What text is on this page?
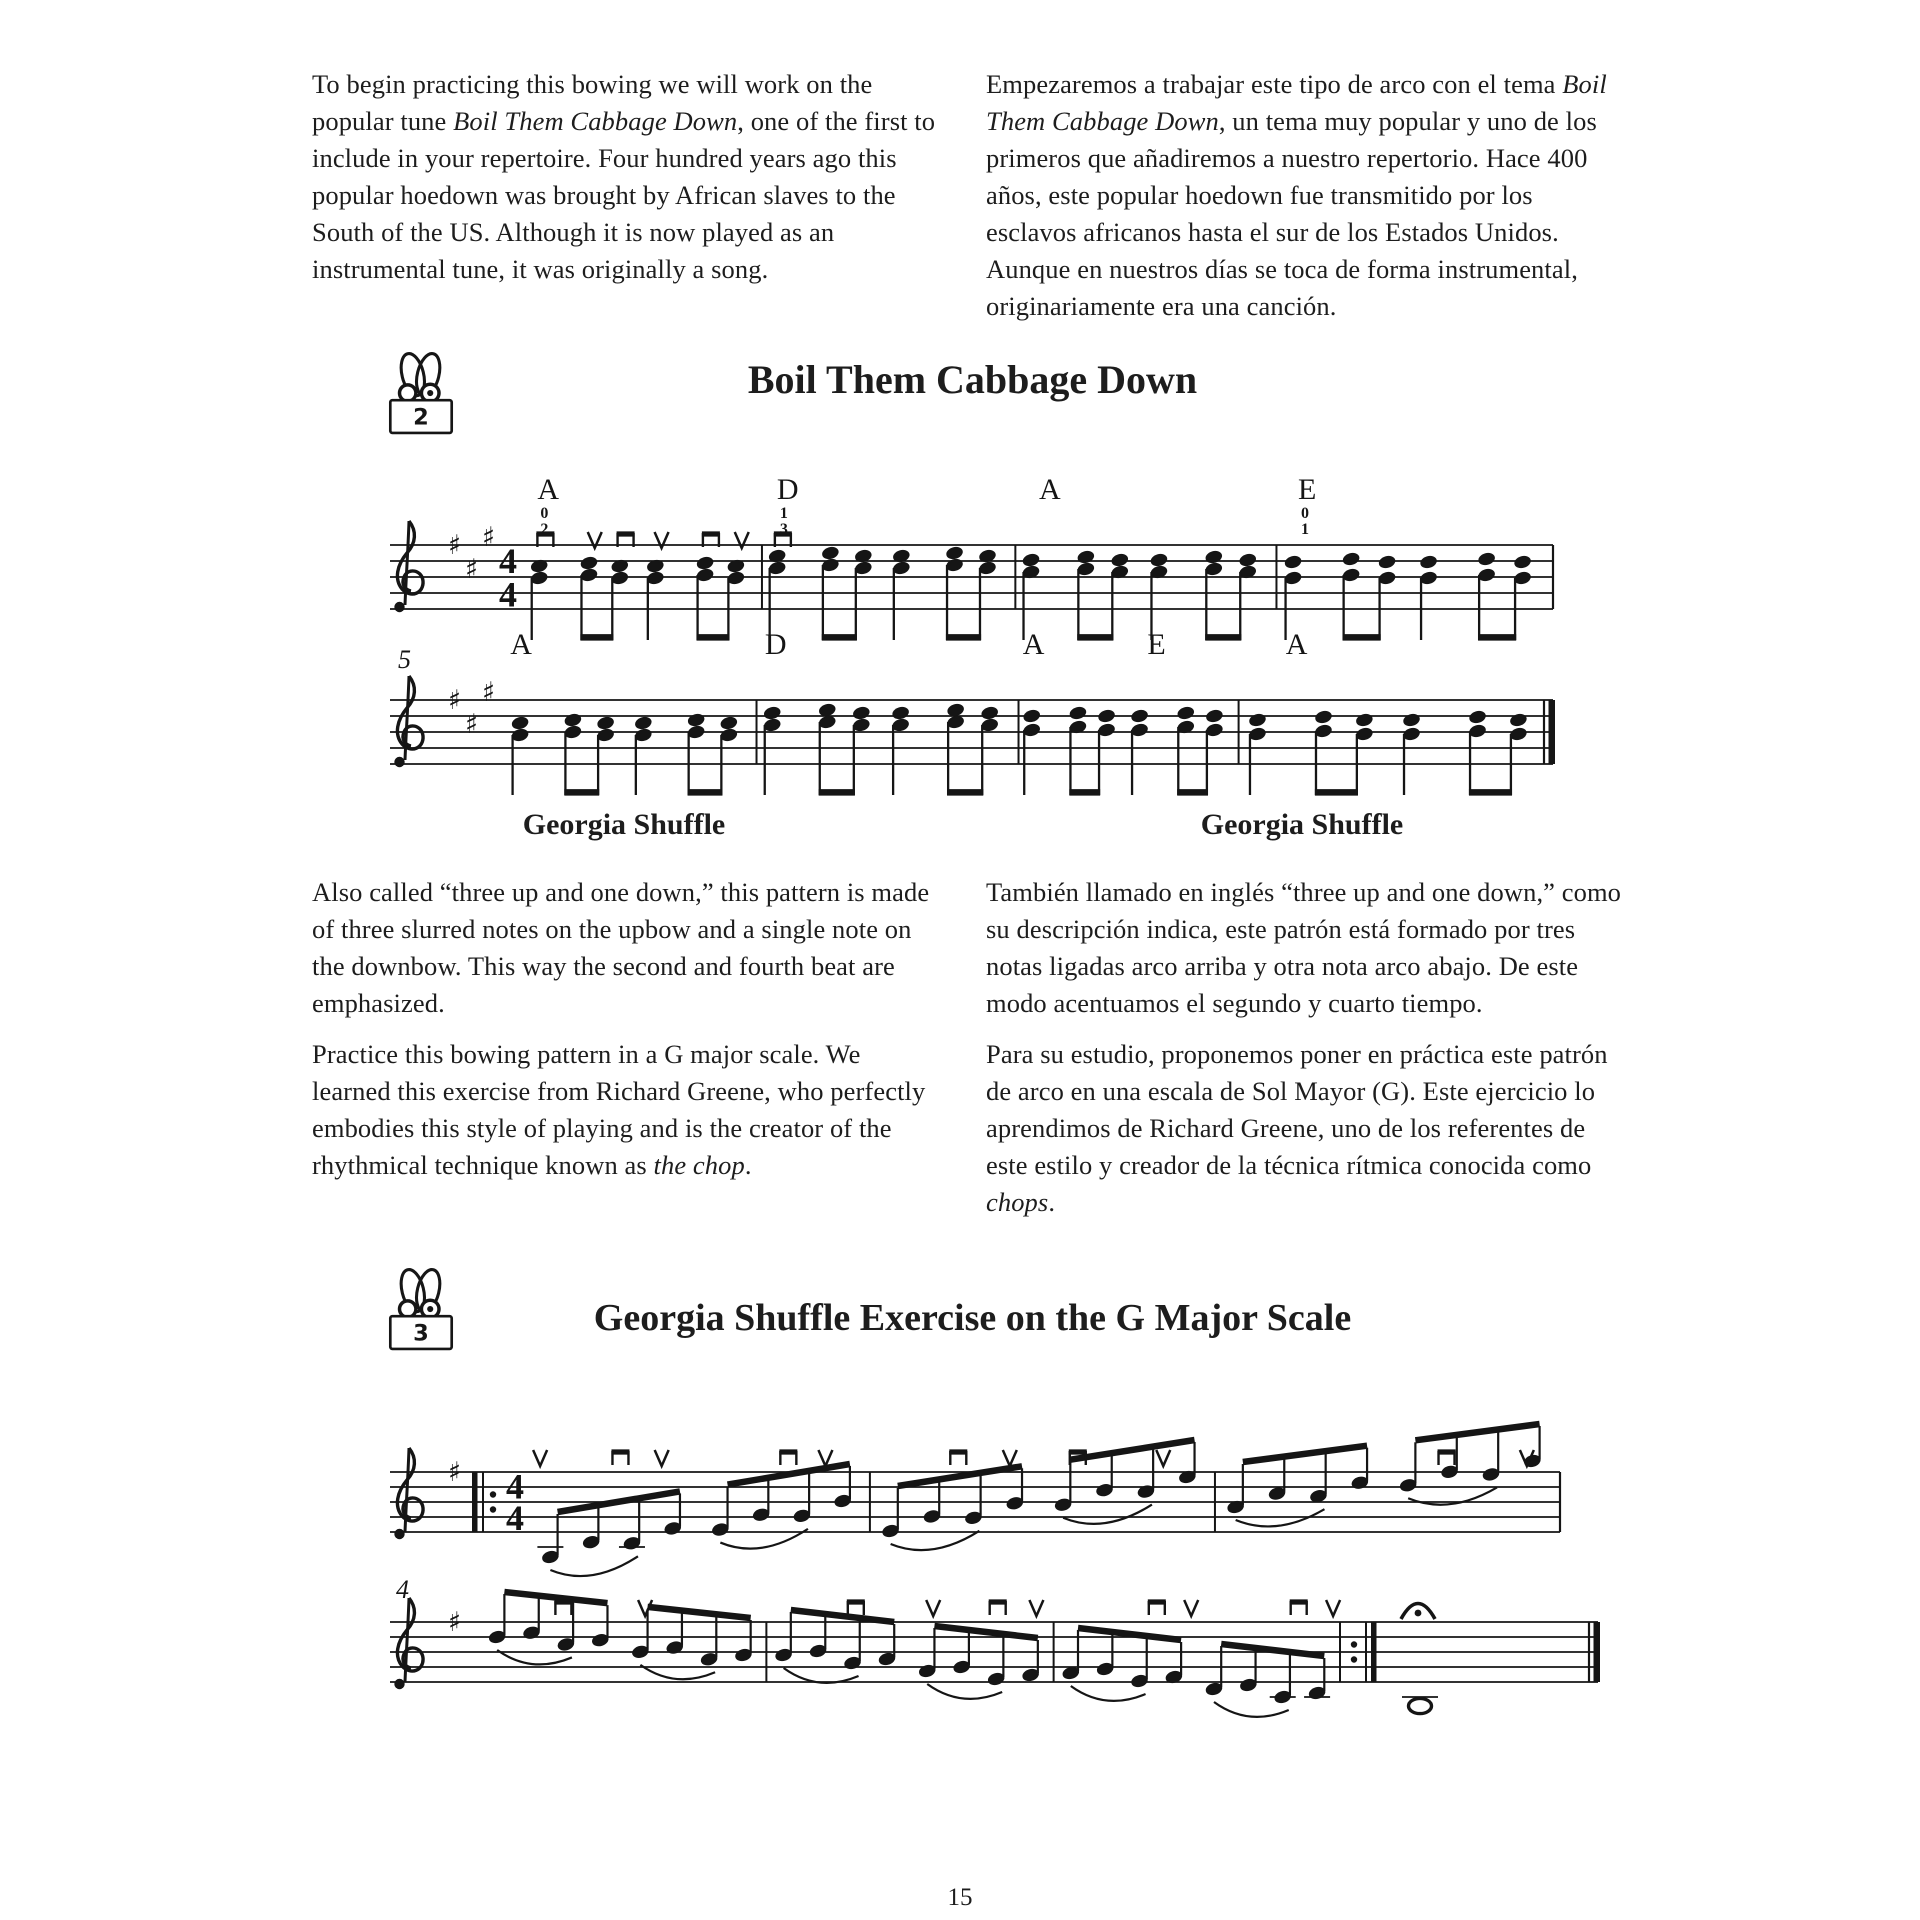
To begin practicing this bowing we will work on the popular tune Boil Them Cabbage Down, one of the first to include in your repertoire. Four hundred years ago this popular hoedown was brought by African slaves to the South of the US. Although it is now played as an instrumental tune, it was originally a song.
Empezaremos a trabajar este tipo de arco con el tema Boil Them Cabbage Down, un tema muy popular y uno de los primeros que añadiremos a nuestro repertorio. Hace 400 años, este popular hoedown fue transmitido por los esclavos africanos hasta el sur de los Estados Unidos. Aunque en nuestros días se toca de forma instrumental, originariamente era una canción.
2
Boil Them Cabbage Down
Georgia Shuffle	Georgia Shuffle
Also called “three up and one down,” this pattern is made of three slurred notes on the upbow and a single note on the downbow. This way the second and fourth beat are emphasized.
Practice this bowing pattern in a G major scale. We learned this exercise from Richard Greene, who perfectly embodies this style of playing and is the creator of the rhythmical technique known as the chop.
También llamado en inglés “three up and one down,” como su descripción indica, este patrón está formado por tres notas ligadas arco arriba y otra nota arco abajo. De este modo acentuamos el segundo y cuarto tiempo.
Para su estudio, proponemos poner en práctica este patrón de arco en una escala de Sol Mayor (G). Este ejercicio lo aprendimos de Richard Greene, uno de los referentes de este estilo y creador de la técnica rítmica conocida como chops.
3	Georgia Shuffle Exercise on the G Major Scale
♯
♯
♯
4
4
A
0
2
D
1
3
A	E
0
1
♯
♯
♯
5	A	D	A	E	A
♯ 4
4
♯
4
15
